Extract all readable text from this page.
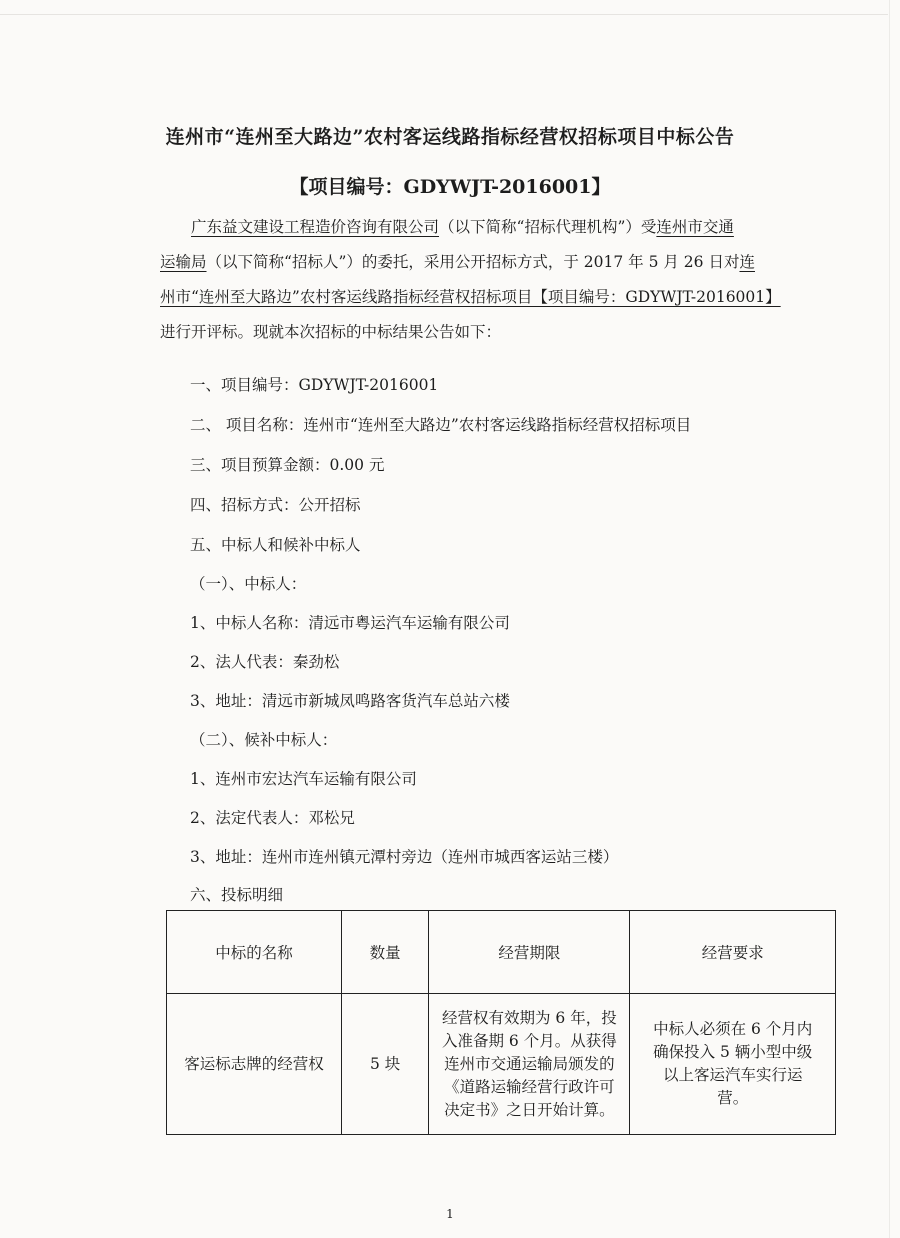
连州市“连州至大路边”农村客运线路指标经营权招标项目中标公告
【项目编号：GDYWJT-2016001】
广东益文建设工程造价咨询有限公司（以下简称“招标代理机构”）受连州市交通
运输局（以下简称“招标人”）的委托，采用公开招标方式，于 2017 年 5 月 26 日对连
州市“连州至大路边”农村客运线路指标经营权招标项目【项目编号：GDYWJT-2016001】
进行开评标。现就本次招标的中标结果公告如下：
一、项目编号：GDYWJT-2016001
二、 项目名称：连州市“连州至大路边”农村客运线路指标经营权招标项目
三、项目预算金额：0.00 元
四、招标方式：公开招标
五、中标人和候补中标人
（一）、中标人：
1、中标人名称：清远市粤运汽车运输有限公司
2、法人代表：秦劲松
3、地址：清远市新城凤鸣路客货汽车总站六楼
（二）、候补中标人：
1、连州市宏达汽车运输有限公司
2、法定代表人：邓松兄
3、地址：连州市连州镇元潭村旁边（连州市城西客运站三楼）
六、投标明细
中标的名称	数量	经营期限	经营要求
客运标志牌的经营权	5 块	经营权有效期为 6 年，投入准备期 6 个月。从获得连州市交通运输局颁发的《道路运输经营行政许可决定书》之日开始计算。	中标人必须在 6 个月内确保投入 5 辆小型中级以上客运汽车实行运营。
1
